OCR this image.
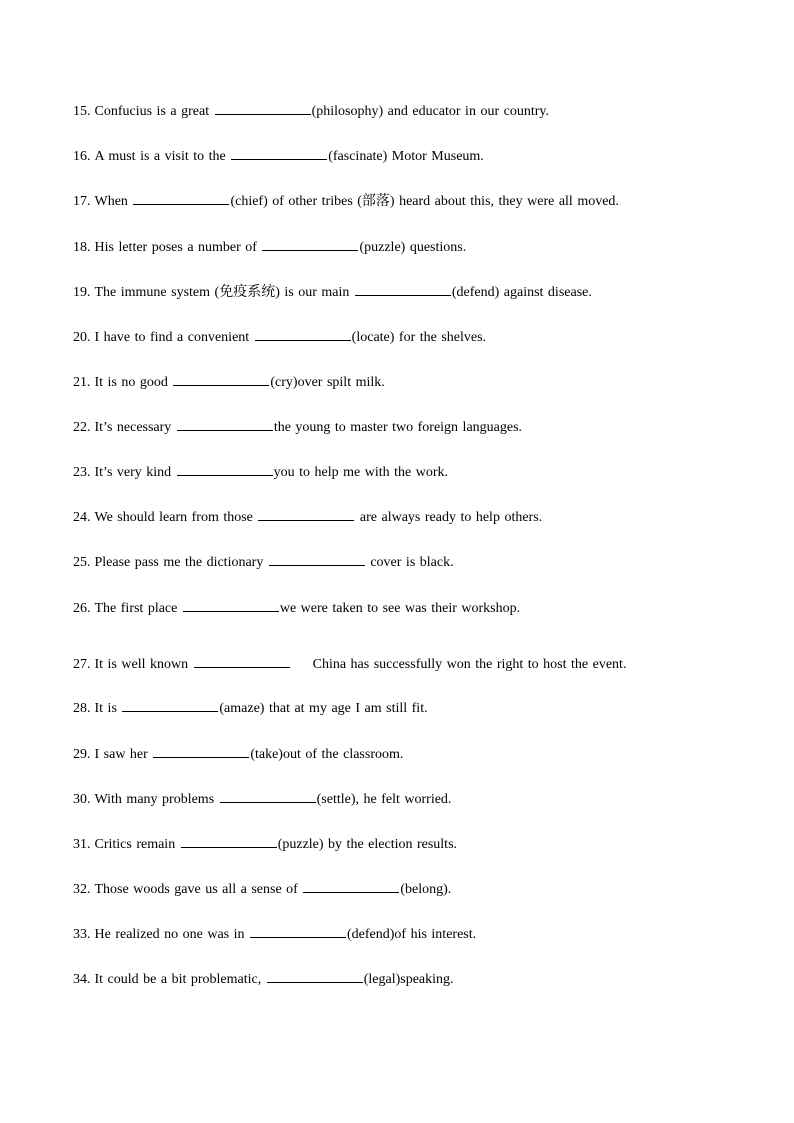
15. Confucius is a great	(philosophy) and educator in our country.
16. A must is a visit to the	(fascinate) Motor Museum.
17. When	(chief) of other tribes (部落) heard about this, they were all moved.
18. His letter poses a number of	(puzzle) questions.
19. The immune system (免疫系统) is our main	(defend) against disease.
20. I have to find a convenient	(locate) for the shelves.
21. It is no good	(cry)over spilt milk.
22. It’s necessary	the young to master two foreign languages.
23. It’s very kind	you to help me with the work.
24. We should learn from those	are always ready to help others.
25. Please pass me the dictionary	cover is black.
26. The first place	we were taken to see was their workshop.
27. It is well known	China has successfully won the right to host the event.
28. It is	(amaze) that at my age I am still fit.
29. I saw her	(take)out of the classroom.
30. With many problems	(settle), he felt worried.
31. Critics remain	(puzzle) by the election results.
32. Those woods gave us all a sense of	(belong).
33. He realized no one was in	(defend)of his interest.
34. It could be a bit problematic,	(legal)speaking.
